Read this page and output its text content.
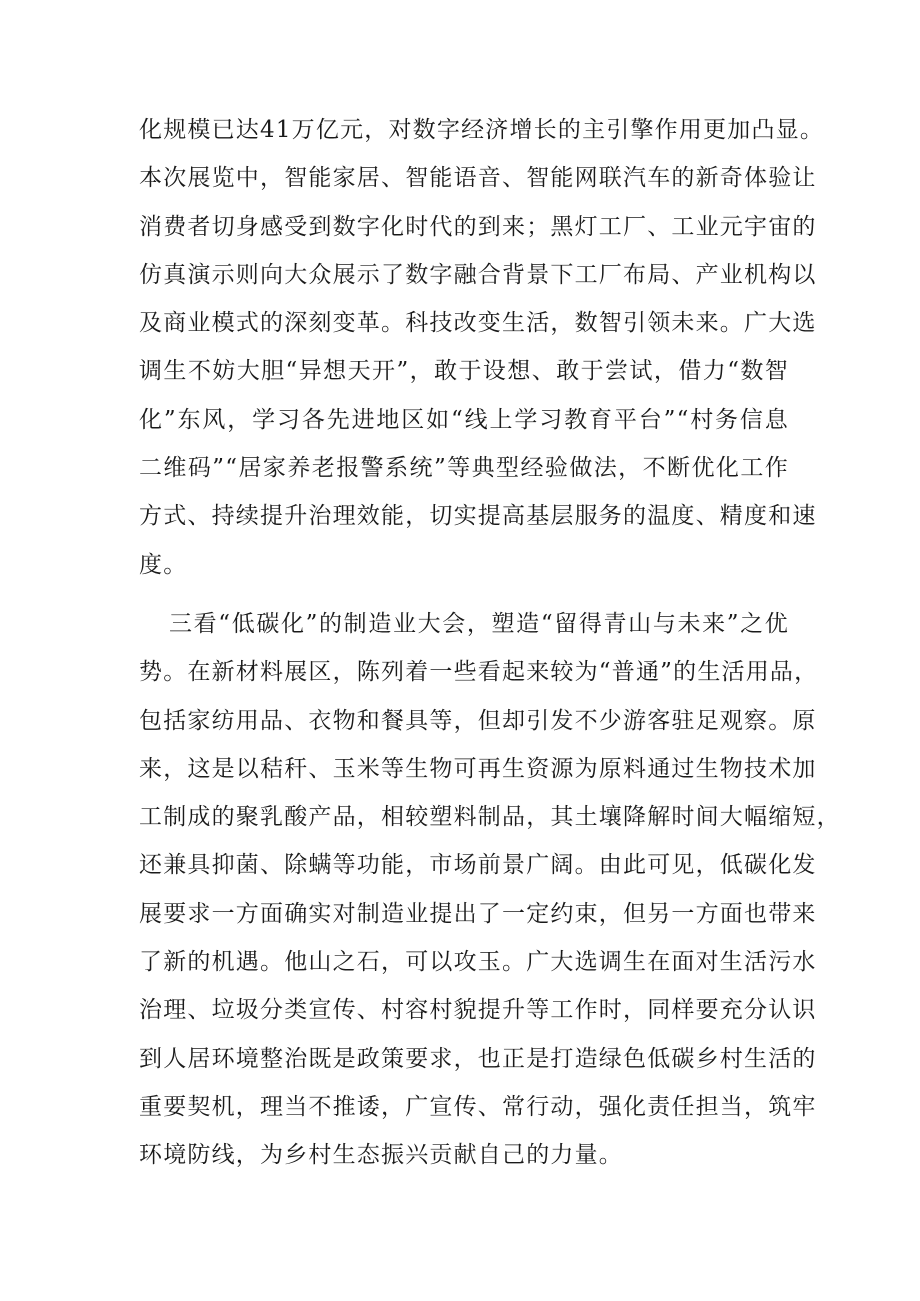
化规模已达41万亿元，对数字经济增长的主引擎作用更加凸显。
本次展览中，智能家居、智能语音、智能网联汽车的新奇体验让
消费者切身感受到数字化时代的到来；黑灯工厂、工业元宇宙的
仿真演示则向大众展示了数字融合背景下工厂布局、产业机构以
及商业模式的深刻变革。科技改变生活，数智引领未来。广大选
调生不妨大胆“异想天开”，敢于设想、敢于尝试，借力“数智
化”东风，学习各先进地区如“线上学习教育平台”“村务信息
二维码”“居家养老报警系统”等典型经验做法，不断优化工作
方式、持续提升治理效能，切实提高基层服务的温度、精度和速
度。
三看“低碳化”的制造业大会，塑造“留得青山与未来”之优
势。在新材料展区，陈列着一些看起来较为“普通”的生活用品，
包括家纺用品、衣物和餐具等，但却引发不少游客驻足观察。原
来，这是以秸秆、玉米等生物可再生资源为原料通过生物技术加
工制成的聚乳酸产品，相较塑料制品，其土壤降解时间大幅缩短，
还兼具抑菌、除螨等功能，市场前景广阔。由此可见，低碳化发
展要求一方面确实对制造业提出了一定约束，但另一方面也带来
了新的机遇。他山之石，可以攻玉。广大选调生在面对生活污水
治理、垃圾分类宣传、村容村貌提升等工作时，同样要充分认识
到人居环境整治既是政策要求，也正是打造绿色低碳乡村生活的
重要契机，理当不推诿，广宣传、常行动，强化责任担当，筑牢
环境防线，为乡村生态振兴贡献自己的力量。
